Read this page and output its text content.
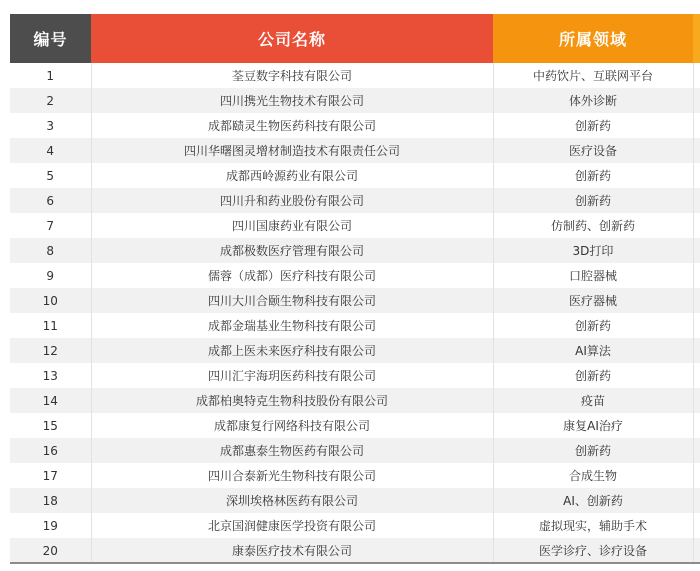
编号	公司名称	所属领域	
1	荃豆数字科技有限公司	中药饮片、互联网平台	
2	四川携光生物技术有限公司	体外诊断	
3	成都赜灵生物医药科技有限公司	创新药	
4	四川华曙图灵增材制造技术有限责任公司	医疗设备	
5	成都西岭源药业有限公司	创新药	
6	四川升和药业股份有限公司	创新药	
7	四川国康药业有限公司	仿制药、创新药	
8	成都极数医疗管理有限公司	3D打印	
9	儒蓉（成都）医疗科技有限公司	口腔器械	
10	四川大川合颐生物科技有限公司	医疗器械	
11	成都金瑞基业生物科技有限公司	创新药	
12	成都上医未来医疗科技有限公司	AI算法	
13	四川汇宇海玥医药科技有限公司	创新药	
14	成都柏奥特克生物科技股份有限公司	疫苗	
15	成都康复行网络科技有限公司	康复AI治疗	
16	成都惠泰生物医药有限公司	创新药	
17	四川合泰新光生物科技有限公司	合成生物	
18	深圳埃格林医药有限公司	AI、创新药	
19	北京国润健康医学投资有限公司	虚拟现实，辅助手术	
20	康泰医疗技术有限公司	医学诊疗、诊疗设备	
